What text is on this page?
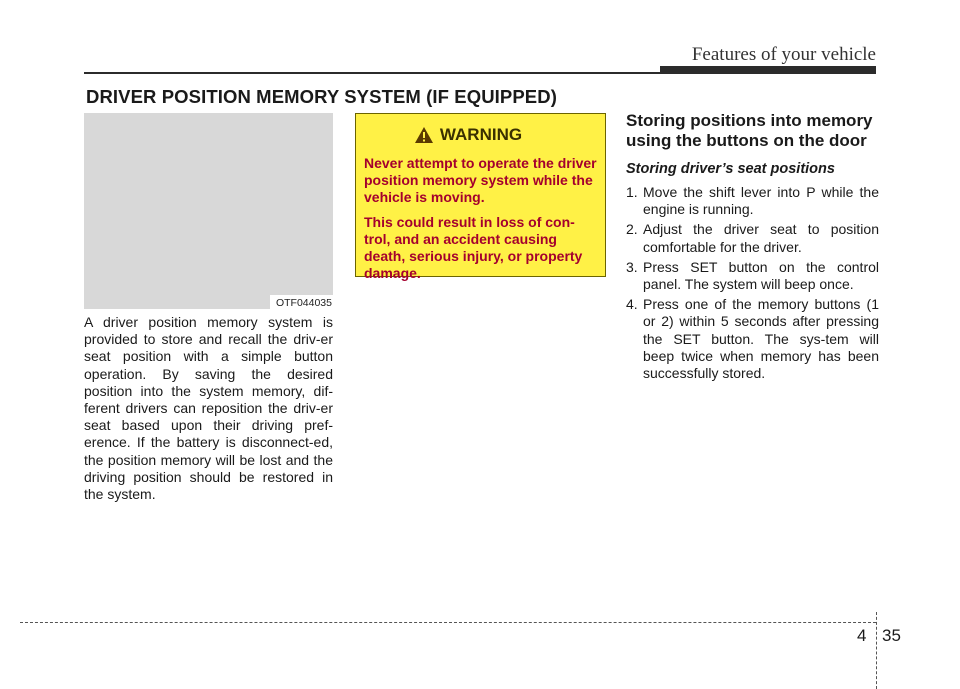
Features of your vehicle
DRIVER POSITION MEMORY SYSTEM (IF EQUIPPED)
OTF044035

A driver position memory system is provided to store and recall the driv-er seat position with a simple button operation. By saving the desired position into the system memory, dif-ferent drivers can reposition the driv-er seat based upon their driving pref-erence. If the battery is disconnect-ed, the position memory will be lost and the driving position should be restored in the system.

WARNING

Never attempt to operate the driver position memory system while the vehicle is moving.

This could result in loss of con-trol, and an accident causing death, serious injury, or property damage.

Storing positions into memory using the buttons on the door
Storing driver’s seat positions
1. Move the shift lever into P while the engine is running.
2. Adjust the driver seat to position comfortable for the driver.
3. Press SET button on the control panel. The system will beep once.
4. Press one of the memory buttons (1 or 2) within 5 seconds after pressing the SET button. The sys-tem will beep twice when memory has been successfully stored.
4 35
